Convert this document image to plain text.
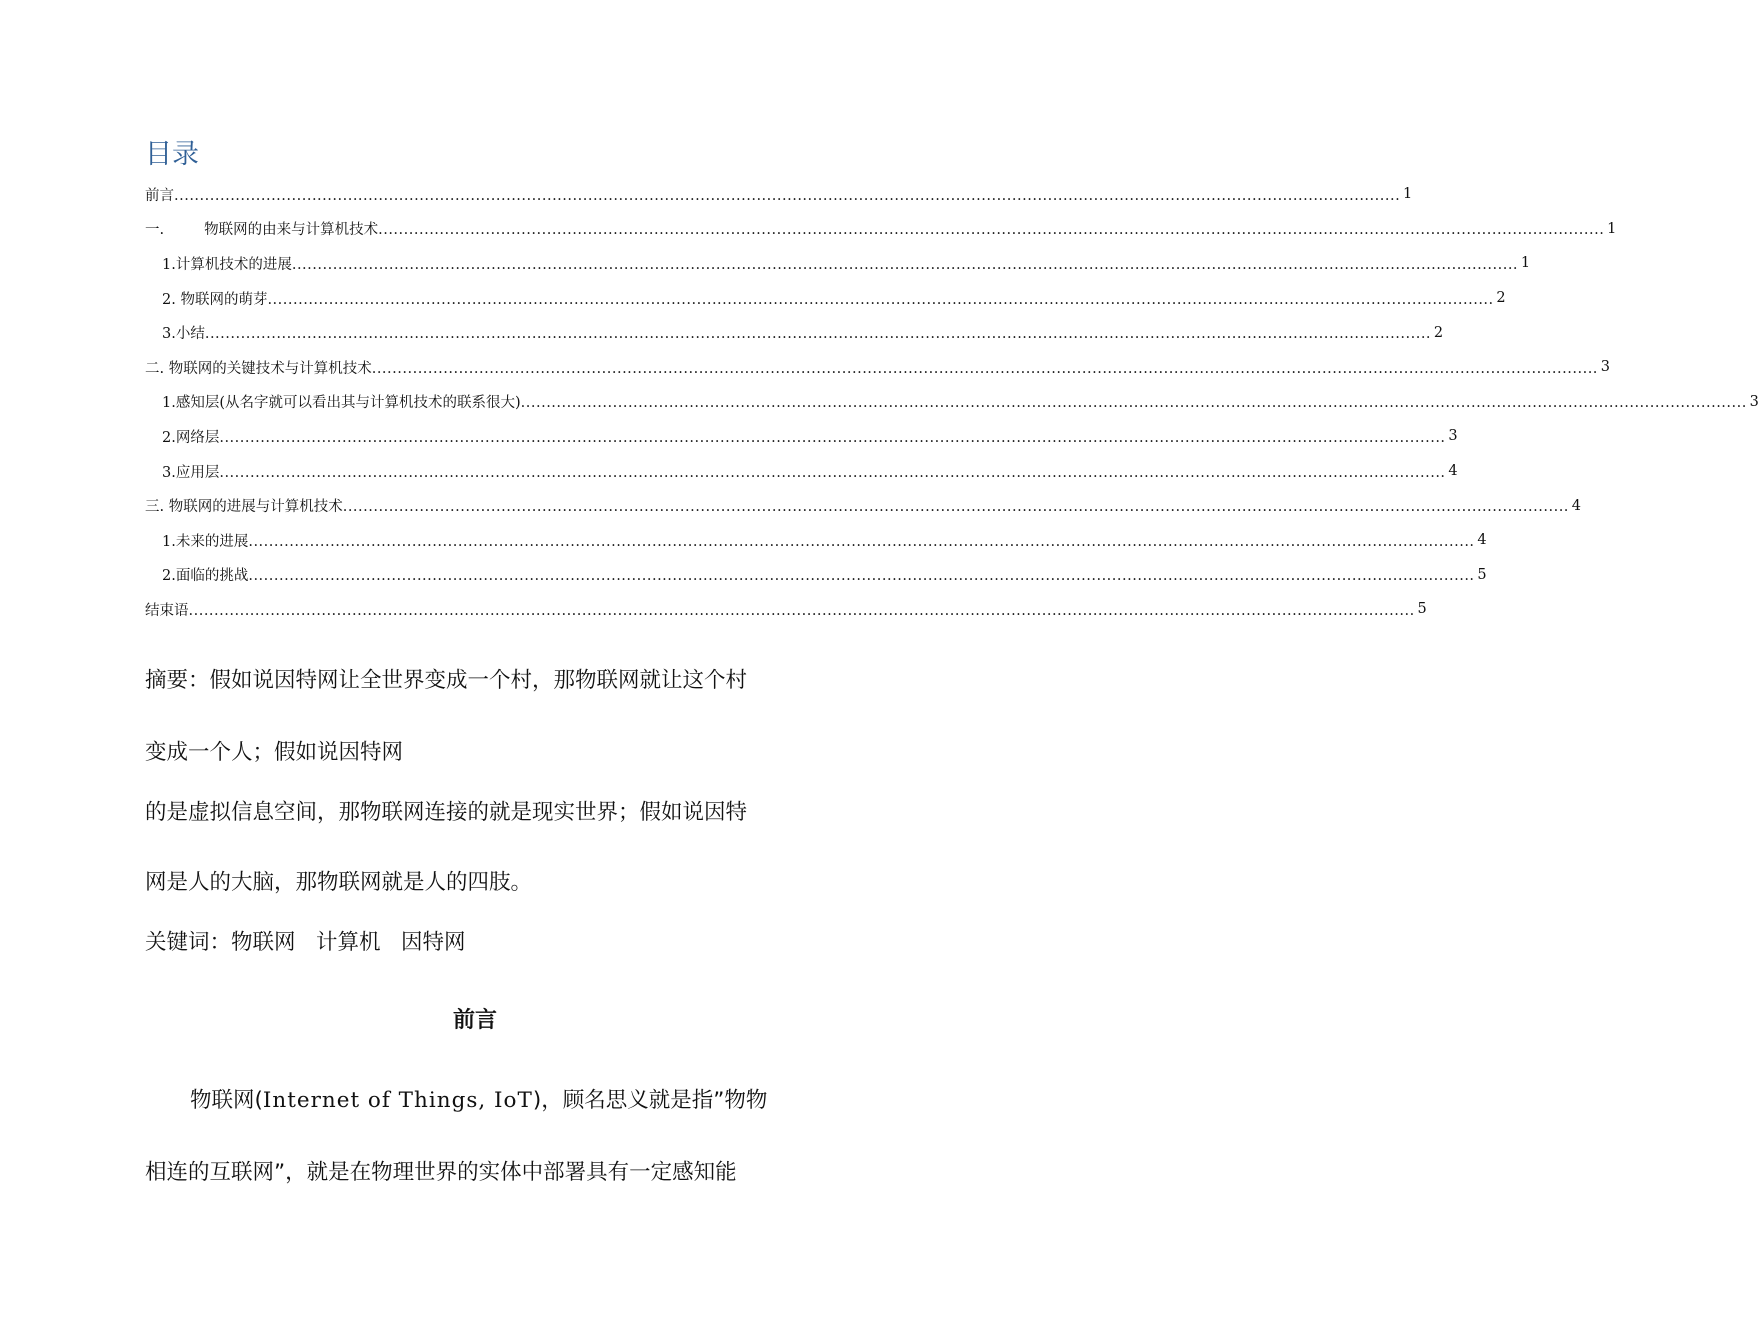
目录
前言 ................................................................................................................................................................................................................................................ 1
一.	物联网的由来与计算机技术 ................................................................................................................................................................................................................................................ 1
1.计算机技术的进展 ................................................................................................................................................................................................................................................ 1
2. 物联网的萌芽 ................................................................................................................................................................................................................................................ 2
3.小结 ................................................................................................................................................................................................................................................ 2
二. 物联网的关键技术与计算机技术 ................................................................................................................................................................................................................................................ 3
1.感知层(从名字就可以看出其与计算机技术的联系很大) ................................................................................................................................................................................................................................................ 3
2.网络层 ................................................................................................................................................................................................................................................ 3
3.应用层 ................................................................................................................................................................................................................................................ 4
三. 物联网的进展与计算机技术 ................................................................................................................................................................................................................................................ 4
1.未来的进展 ................................................................................................................................................................................................................................................ 4
2.面临的挑战 ................................................................................................................................................................................................................................................ 5
结束语 ................................................................................................................................................................................................................................................ 5

摘要：假如说因特网让全世界变成一个村，那物联网就让这个村

变成一个人；假如说因特网

的是虚拟信息空间，那物联网连接的就是现实世界；假如说因特

网是人的大脑，那物联网就是人的四肢。

关键词：物联网   计算机   因特网

前言

物联网(Internet of Things, IoT)，顾名思义就是指”物物

相连的互联网”，就是在物理世界的实体中部署具有一定感知能
